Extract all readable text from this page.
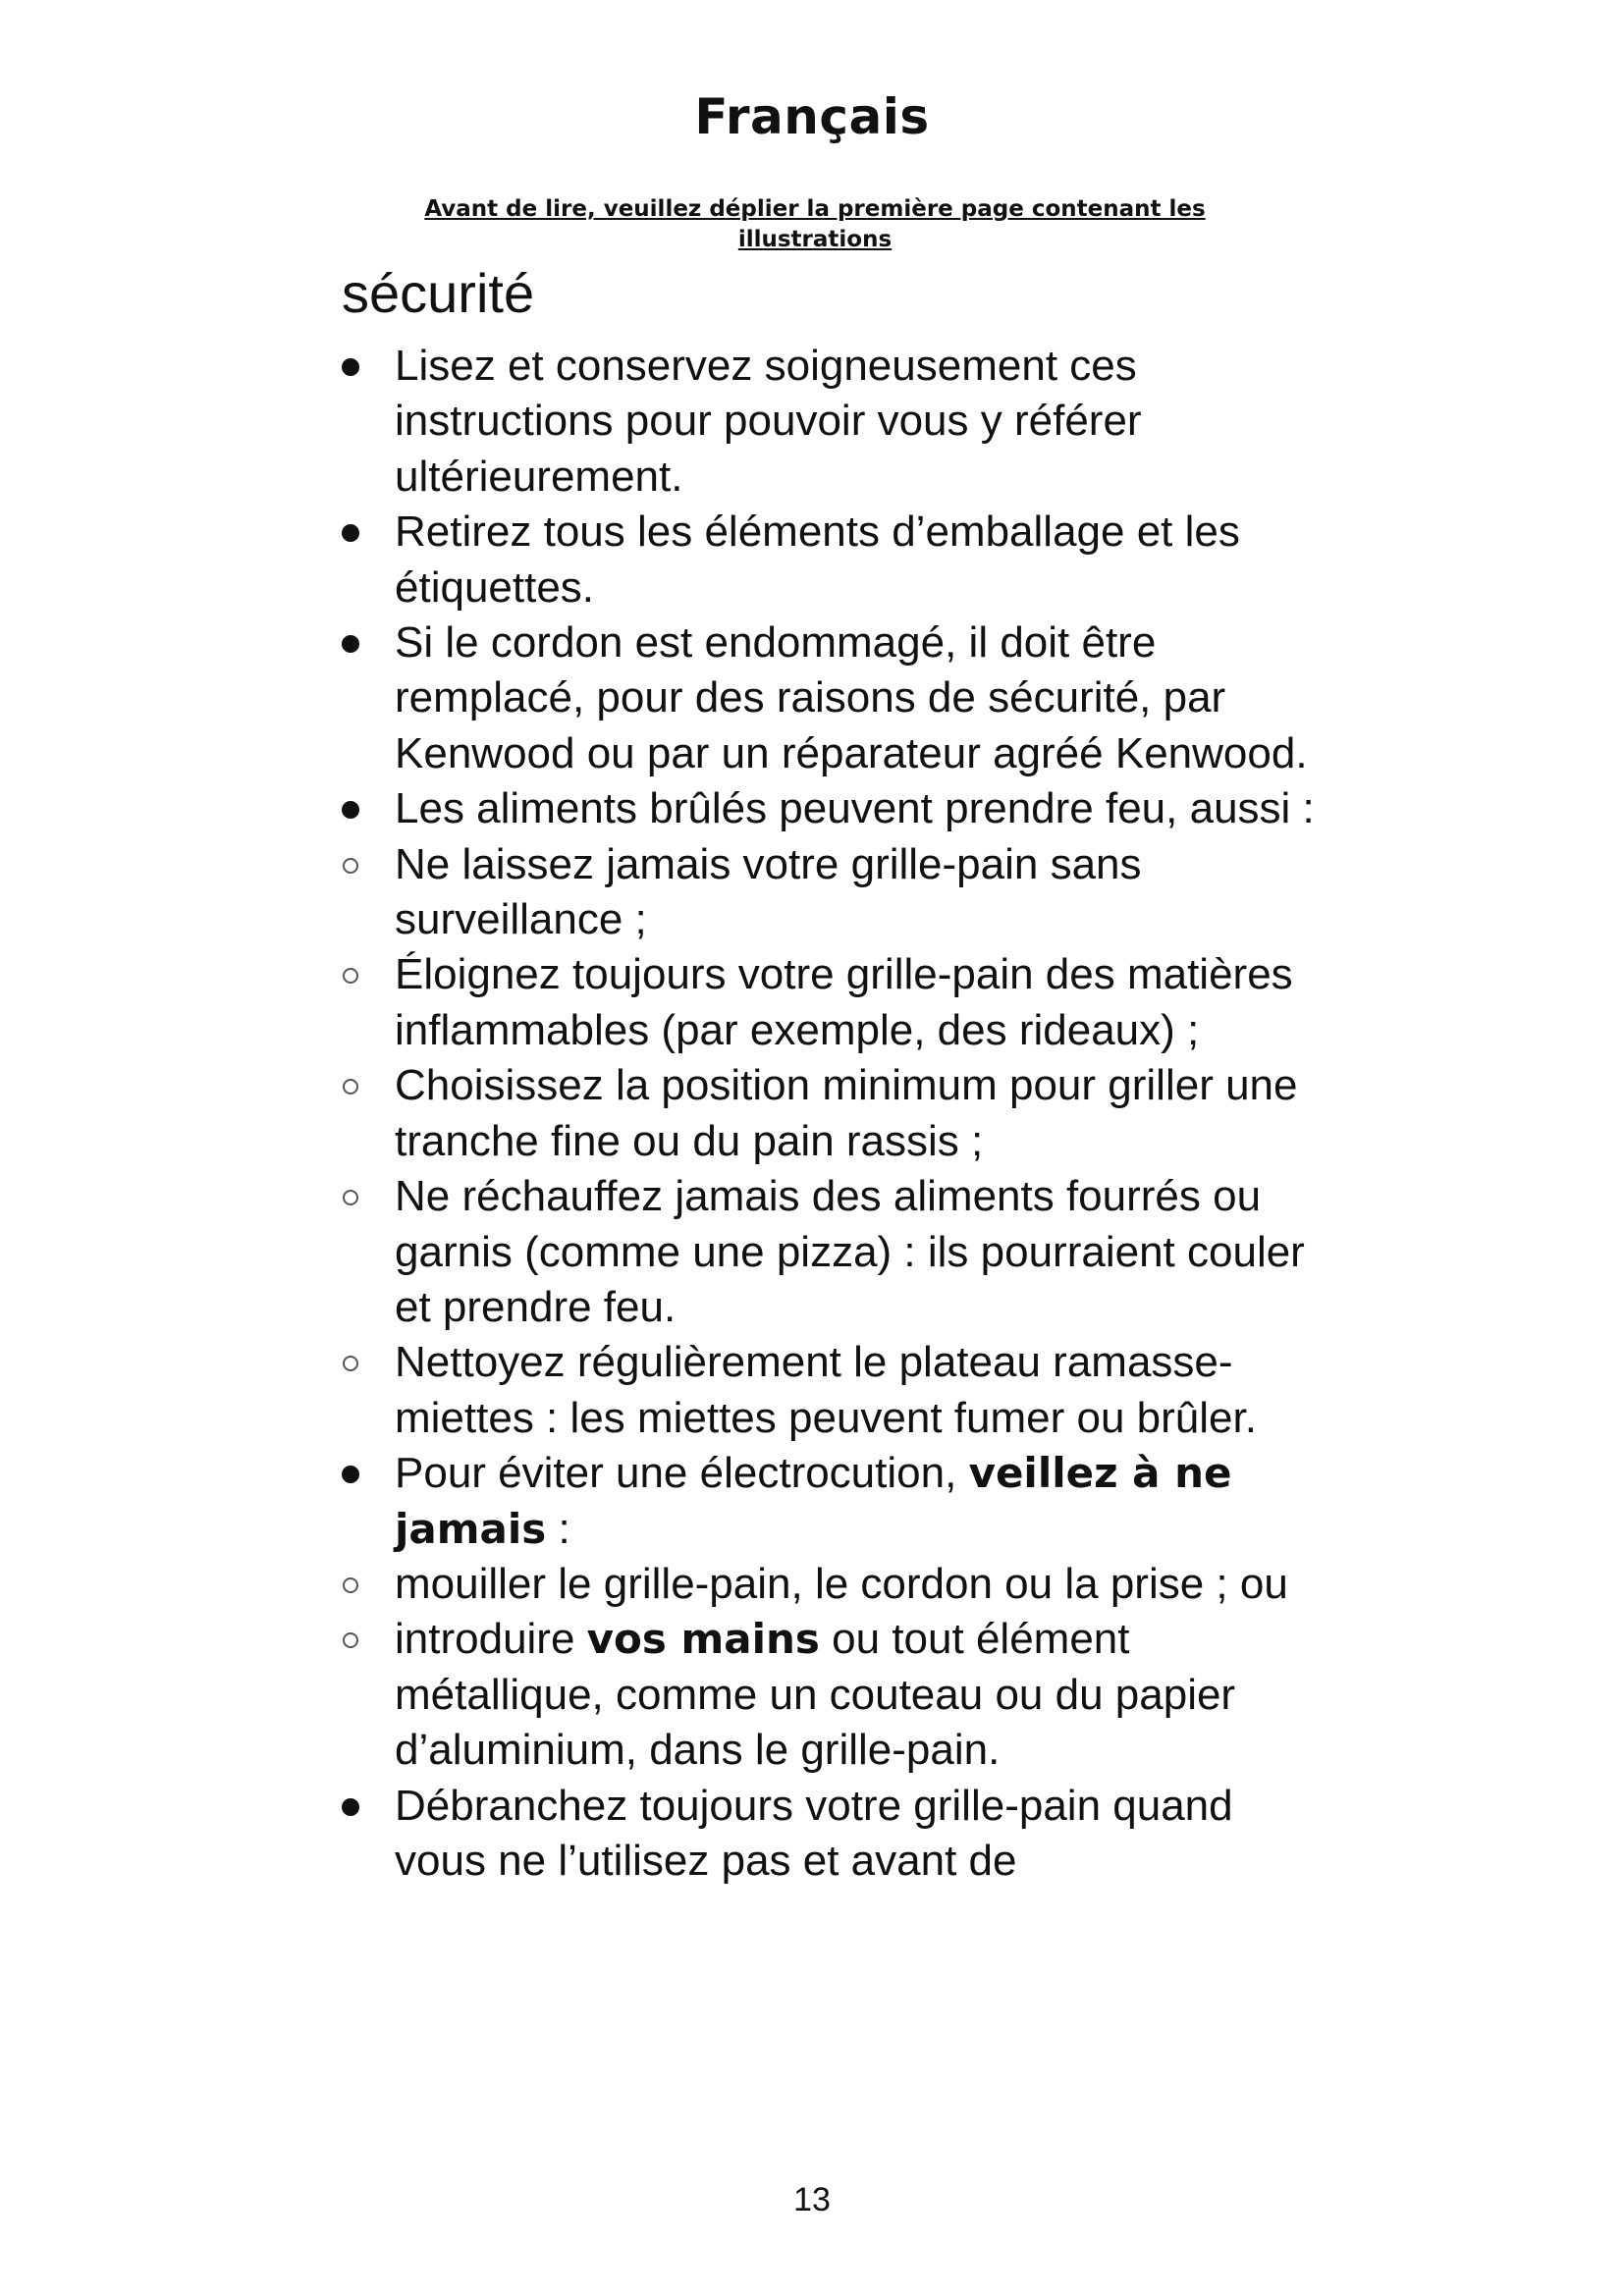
Français

Avant de lire, veuillez déplier la première page contenant les
illustrations

sécurité
Lisez et conservez soigneusement ces instructions pour pouvoir vous y référer ultérieurement.
Retirez tous les éléments d’emballage et les étiquettes.
Si le cordon est endommagé, il doit être remplacé, pour des raisons de sécurité, par Kenwood ou par un réparateur agréé Kenwood.
Les aliments brûlés peuvent prendre feu, aussi :
Ne laissez jamais votre grille-pain sans surveillance ;
Éloignez toujours votre grille-pain des matières inflammables (par exemple, des rideaux) ;
Choisissez la position minimum pour griller une tranche fine ou du pain rassis ;
Ne réchauffez jamais des aliments fourrés ou garnis (comme une pizza) : ils pourraient couler et prendre feu.
Nettoyez régulièrement le plateau ramasse-miettes : les miettes peuvent fumer ou brûler.
Pour éviter une électrocution, veillez à ne jamais :
mouiller le grille-pain, le cordon ou la prise ; ou
introduire vos mains ou tout élément métallique, comme un couteau ou du papier d’aluminium, dans le grille-pain.
Débranchez toujours votre grille-pain quand vous ne l’utilisez pas et avant de

13
